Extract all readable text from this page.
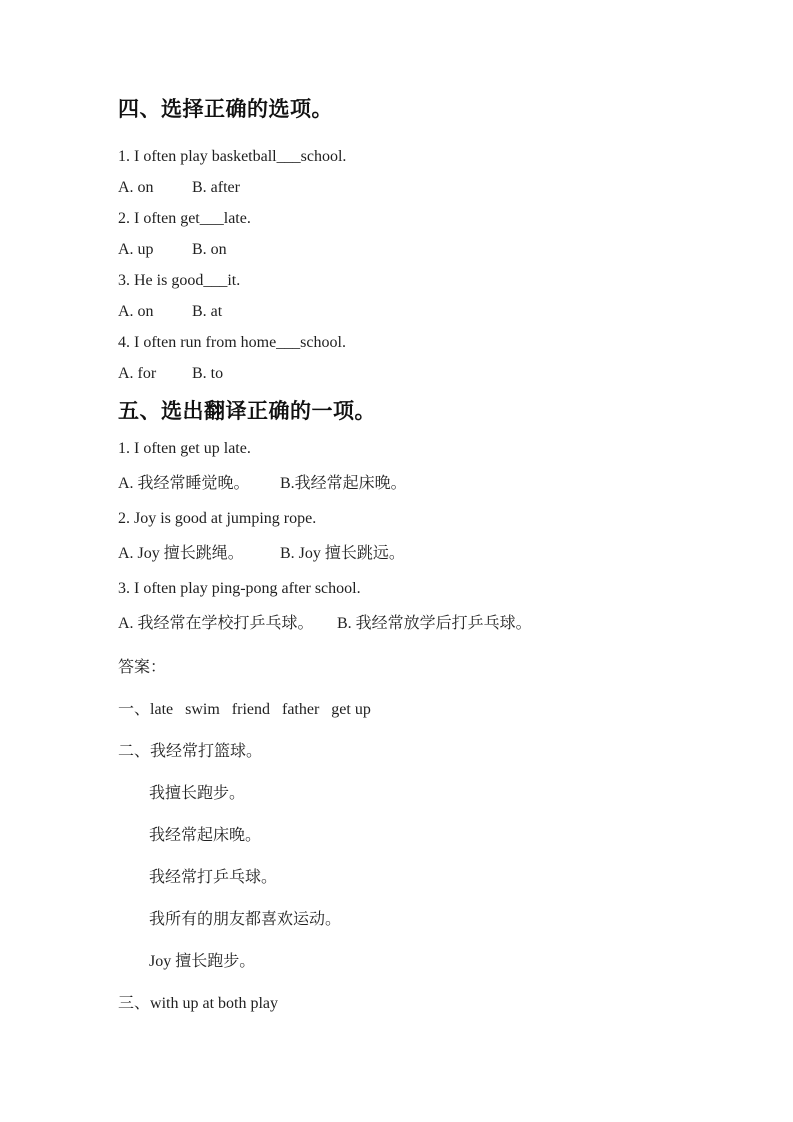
四、选择正确的选项。

1. I often play basketball___school.

A. on B. after

2. I often get___late.

A. up B. on

3. He is good___it.

A. on B. at

4. I often run from home___school.

A. for B. to

五、选出翻译正确的一项。

1. I often get up late.

A. 我经常睡觉晚。 B.我经常起床晚。

2. Joy is good at jumping rope.

A. Joy 擅长跳绳。 B. Joy 擅长跳远。

3. I often play ping-pong after school.

A. 我经常在学校打乒乓球。 B. 我经常放学后打乒乓球。

答案：

一、late   swim   friend   father   get up

二、我经常打篮球。

我擅长跑步。

我经常起床晚。

我经常打乒乓球。

我所有的朋友都喜欢运动。

Joy 擅长跑步。

三、with up at both play
